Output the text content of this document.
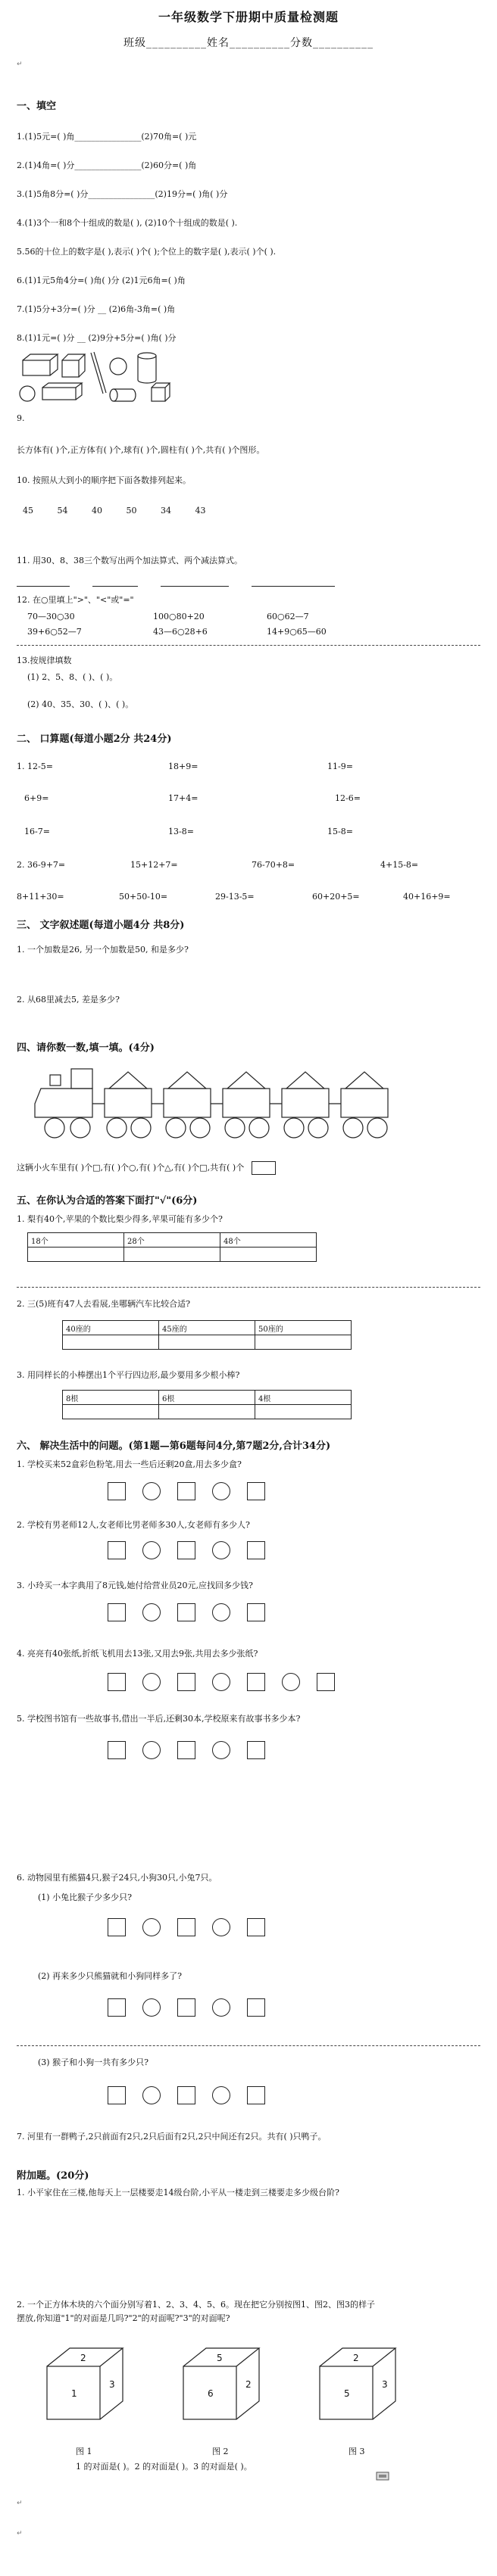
一年级数学下册期中质量检测题
班级__________姓名__________分数__________
↵
一、填空
1.(1)5元=( )角________________(2)70角=( )元
2.(1)4角=( )分________________(2)60分=( )角
3.(1)5角8分=( )分________________(2)19分=( )角( )分
4.(1)3个一和8个十组成的数是( ), (2)10个十组成的数是( ).
5.56的十位上的数字是( ),表示( )个( );个位上的数字是( ),表示( )个( ).
6.(1)1元5角4分=( )角( )分 (2)1元6角=( )角
7.(1)5分+3分=( )分 __ (2)6角-3角=( )角
8.(1)1元=( )分 __ (2)9分+5分=( )角( )分
9.
长方体有( )个,正方体有( )个,球有( )个,圆柱有( )个,共有( )个图形。
10. 按照从大到小的顺序把下面各数排列起来。
45	54	40	50	34	43
11. 用30、8、38三个数写出两个加法算式、两个减法算式。
12. 在○里填上">"、"<"或"="
70—30○30	100○80+20	60○62—7
39+6○52—7	43—6○28+6	14+9○65—60
13.按规律填数
(1) 2、5、8、( )、( )。
(2) 40、35、30、( )、( )。
二、 口算题(每道小题2分 共24分)
1. 12-5=	18+9=	11-9=
6+9=	17+4=	12-6=
16-7=	13-8=	15-8=
2. 36-9+7=	15+12+7=	76-70+8=	4+15-8=
8+11+30=	50+50-10=	29-13-5=	60+20+5=	40+16+9=
三、 文字叙述题(每道小题4分 共8分)
1. 一个加数是26, 另一个加数是50, 和是多少?
2. 从68里减去5, 差是多少?
四、请你数一数,填一填。(4分)
这辆小火车里有( )个□,有( )个○,有( )个△,有( )个□,共有( )个
五、在你认为合适的答案下面打"√"(6分)
1. 梨有40个,苹果的个数比梨少得多,苹果可能有多少个?
18个	28个	48个

2. 三(5)班有47人去看展,坐哪辆汽车比较合适?
40座的	45座的	50座的

3. 用同样长的小棒摆出1个平行四边形,最少要用多少根小棒?
8根	6根	4根

六、 解决生活中的问题。(第1题—第6题每问4分,第7题2分,合计34分)
1. 学校买来52盒彩色粉笔,用去一些后还剩20盒,用去多少盒?
2. 学校有男老师12人,女老师比男老师多30人,女老师有多少人?
3. 小玲买一本字典用了8元钱,她付给营业员20元,应找回多少钱?
4. 亮亮有40张纸,折纸飞机用去13张,又用去9张,共用去多少张纸?
5. 学校图书馆有一些故事书,借出一半后,还剩30本,学校原来有故事书多少本?
6. 动物园里有熊猫4只,猴子24只,小狗30只,小兔7只。
(1) 小兔比猴子少多少只?
(2) 再来多少只熊猫就和小狗同样多了?
(3) 猴子和小狗一共有多少只?
7. 河里有一群鸭子,2只前面有2只,2只后面有2只,2只中间还有2只。共有( )只鸭子。
附加题。(20分)
1. 小平家住在三楼,他每天上一层楼要走14级台阶,小平从一楼走到三楼要走多少级台阶?
2. 一个正方体木块的六个面分别写着1、2、3、4、5、6。现在把它分别按图1、图2、图3的样子
摆放,你知道"1"的对面是几吗?"2"的对面呢?"3"的对面呢?
2
1
3
5
6
2
2
5
3
图 1	图 2	图 3
1 的对面是( )。2 的对面是( )。3 的对面是( )。
↵
↵
